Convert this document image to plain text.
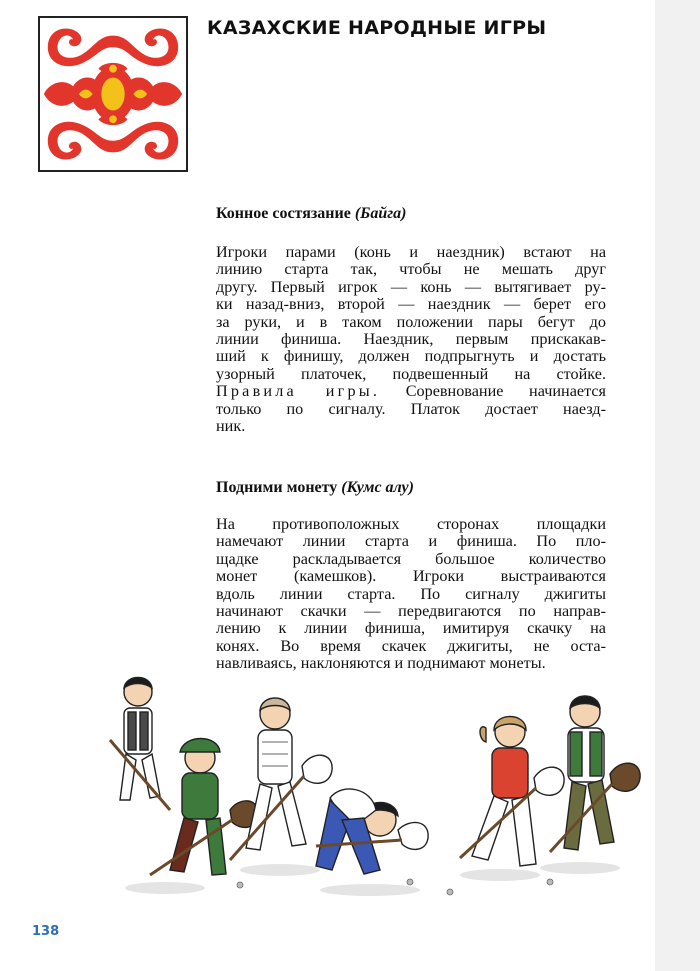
КАЗАХСКИЕ НАРОДНЫЕ ИГРЫ
Конное состязание (Байга)
Игроки парами (конь и наездник) встают на
линию старта так, чтобы не мешать друг
другу. Первый игрок — конь — вытягивает ру-
ки назад-вниз, второй — наездник — берет его
за руки, и в таком положении пары бегут до
линии финиша. Наездник, первым прискакав-
ший к финишу, должен подпрыгнуть и достать
узорный платочек, подвешенный на стойке.
Правила игры. Соревнование начинается
только по сигналу. Платок достает наезд-
ник.
Подними монету (Кумс алу)
На противоположных сторонах площадки
намечают линии старта и финиша. По пло-
щадке раскладывается большое количество
монет (камешков). Игроки выстраиваются
вдоль линии старта. По сигналу джигиты
начинают скачки — передвигаются по направ-
лению к линии финиша, имитируя скачку на
конях. Во время скачек джигиты, не оста-
навливаясь, наклоняются и поднимают монеты.
138
